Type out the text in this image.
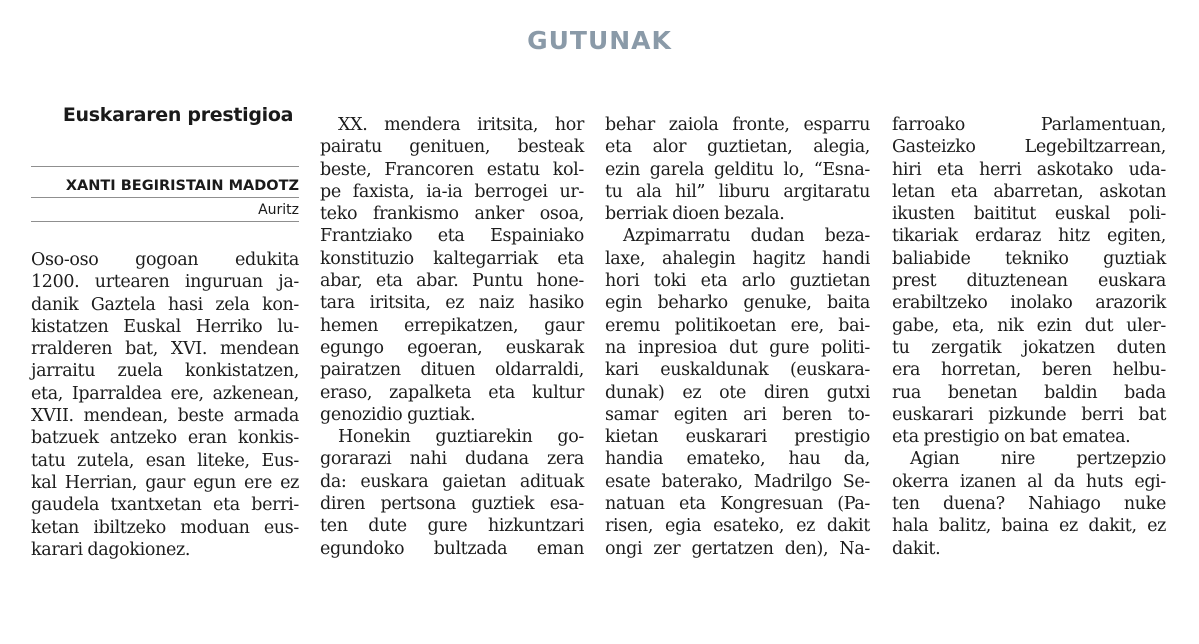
GUTUNAK
Euskararen prestigioa
XANTI BEGIRISTAIN MADOTZ
Auritz
Oso-oso gogoan edukita
1200. urtearen inguruan ja-
danik Gaztela hasi zela kon-
kistatzen Euskal Herriko lu-
rralderen bat, XVI. mendean
jarraitu zuela konkistatzen,
eta, Iparraldea ere, azkenean,
XVII. mendean, beste armada
batzuek antzeko eran konkis-
tatu zutela, esan liteke, Eus-
kal Herrian, gaur egun ere ez
gaudela txantxetan eta berri-
ketan ibiltzeko moduan eus-
karari dagokionez.
XX. mendera iritsita, hor
pairatu genituen, besteak
beste, Francoren estatu kol-
pe faxista, ia-ia berrogei ur-
teko frankismo anker osoa,
Frantziako eta Espainiako
konstituzio kaltegarriak eta
abar, eta abar. Puntu hone-
tara iritsita, ez naiz hasiko
hemen errepikatzen, gaur
egungo egoeran, euskarak
pairatzen dituen oldarraldi,
eraso, zapalketa eta kultur
genozidio guztiak.
Honekin guztiarekin go-
gorarazi nahi dudana zera
da: euskara gaietan adituak
diren pertsona guztiek esa-
ten dute gure hizkuntzari
egundoko bultzada eman
behar zaiola fronte, esparru
eta alor guztietan, alegia,
ezin garela gelditu lo, “Esna-
tu ala hil” liburu argitaratu
berriak dioen bezala.
Azpimarratu dudan beza-
laxe, ahalegin hagitz handi
hori toki eta arlo guztietan
egin beharko genuke, baita
eremu politikoetan ere, bai-
na inpresioa dut gure politi-
kari euskaldunak (euskara-
dunak) ez ote diren gutxi
samar egiten ari beren to-
kietan euskarari prestigio
handia emateko, hau da,
esate baterako, Madrilgo Se-
natuan eta Kongresuan (Pa-
risen, egia esateko, ez dakit
ongi zer gertatzen den), Na-
farroako Parlamentuan,
Gasteizko Legebiltzarrean,
hiri eta herri askotako uda-
letan eta abarretan, askotan
ikusten baititut euskal poli-
tikariak erdaraz hitz egiten,
baliabide tekniko guztiak
prest dituztenean euskara
erabiltzeko inolako arazorik
gabe, eta, nik ezin dut uler-
tu zergatik jokatzen duten
era horretan, beren helbu-
rua benetan baldin bada
euskarari pizkunde berri bat
eta prestigio on bat ematea.
Agian nire pertzepzio
okerra izanen al da huts egi-
ten duena? Nahiago nuke
hala balitz, baina ez dakit, ez
dakit.
